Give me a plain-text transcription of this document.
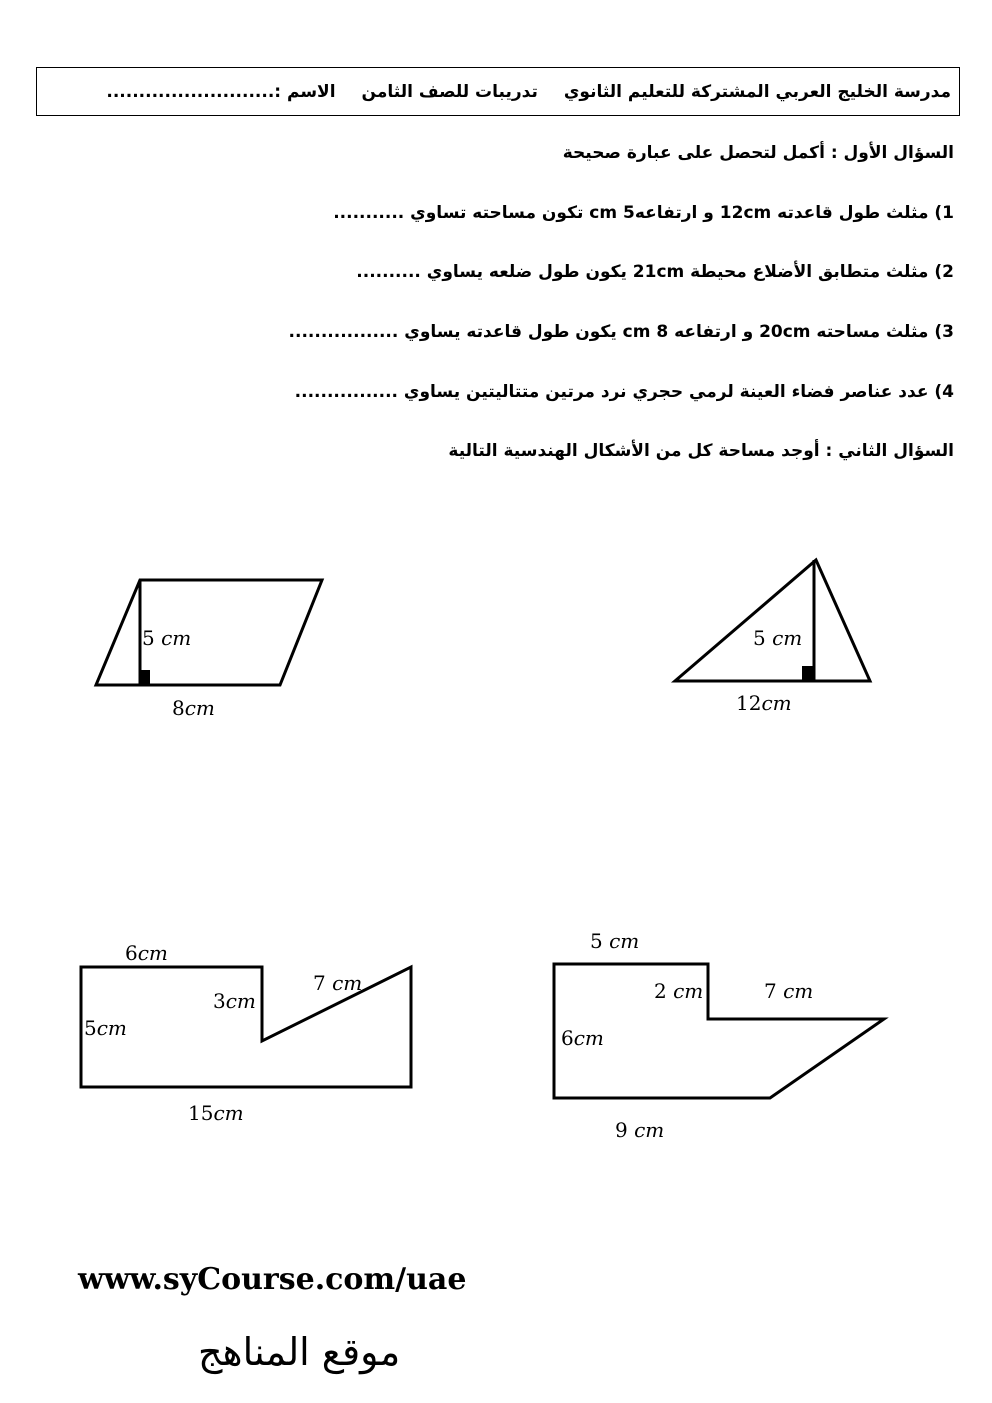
مدرسة الخليج العربي المشتركة للتعليم الثانوي
تدريبات للصف الثامن
الاسم :..........................
السؤال الأول : أكمل لتحصل على عبارة صحيحة
1) مثلث طول قاعدته 12cm و ارتفاعه5 cm تكون مساحته تساوي ...........
2) مثلث متطابق الأضلاع محيطة 21cm يكون طول ضلعه يساوي ..........
3) مثلث مساحته 20cm و ارتفاعه 8 cm يكون طول قاعدته يساوي .................
4) عدد عناصر فضاء العينة لرمي حجري نرد مرتين متتاليتين يساوي ................
السؤال الثاني : أوجد مساحة كل من الأشكال الهندسية التالية
5 cm
8cm
5 cm
12cm
6cm
5cm
3cm
7 cm
15cm
5 cm
2 cm	7 cm
6cm
9 cm
www.syCourse.com/uae
موقع المناهج
